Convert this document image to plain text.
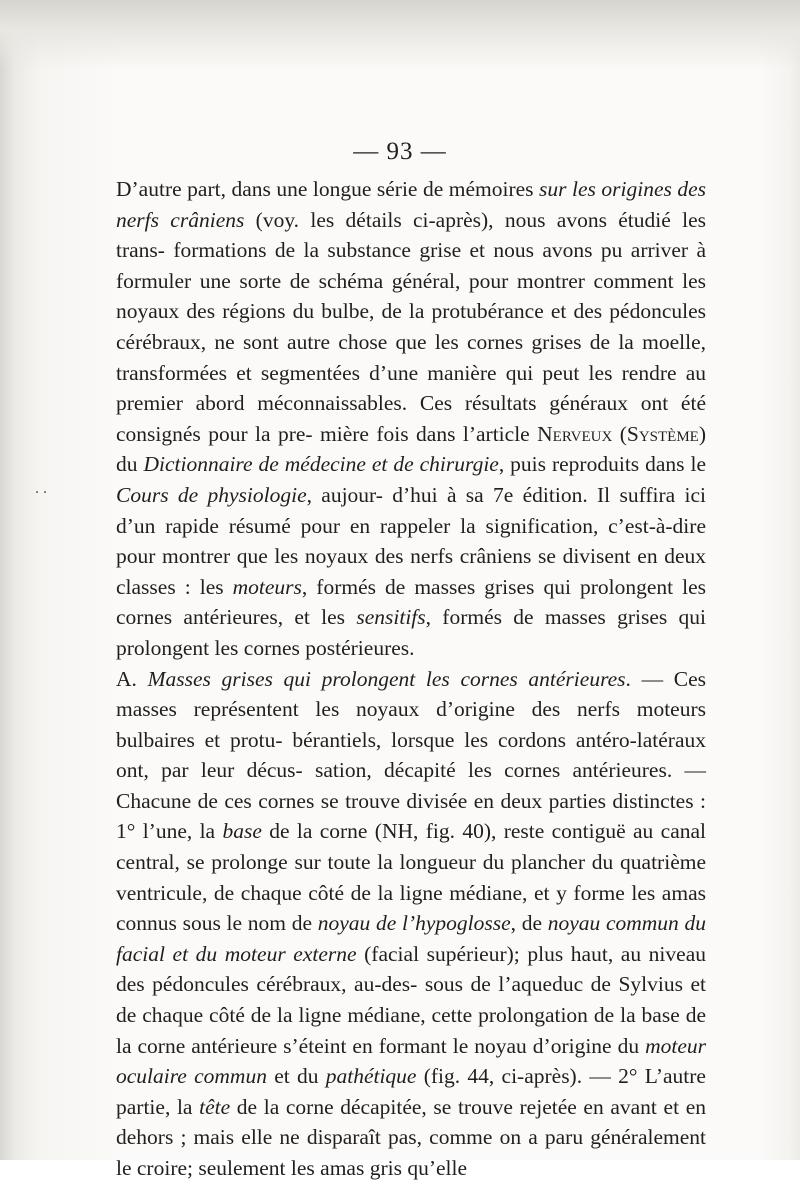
— 93 —
. .

D’autre part, dans une longue série de mémoires sur les origines des nerfs crâniens (voy. les détails ci-après), nous avons étudié les trans- formations de la substance grise et nous avons pu arriver à formuler une sorte de schéma général, pour montrer comment les noyaux des régions du bulbe, de la protubérance et des pédoncules cérébraux, ne sont autre chose que les cornes grises de la moelle, transformées et segmentées d’une manière qui peut les rendre au premier abord méconnaissables. Ces résultats généraux ont été consignés pour la pre- mière fois dans l’article Nerveux (Système) du Dictionnaire de médecine et de chirurgie, puis reproduits dans le Cours de physiologie, aujour- d’hui à sa 7e édition. Il suffira ici d’un rapide résumé pour en rappeler la signification, c’est-à-dire pour montrer que les noyaux des nerfs crâniens se divisent en deux classes : les moteurs, formés de masses grises qui prolongent les cornes antérieures, et les sensitifs, formés de masses grises qui prolongent les cornes postérieures.

A. Masses grises qui prolongent les cornes antérieures. — Ces masses représentent les noyaux d’origine des nerfs moteurs bulbaires et protu- bérantiels, lorsque les cordons antéro-latéraux ont, par leur décus- sation, décapité les cornes antérieures. — Chacune de ces cornes se trouve divisée en deux parties distinctes : 1° l’une, la base de la corne (NH, fig. 40), reste contiguë au canal central, se prolonge sur toute la longueur du plancher du quatrième ventricule, de chaque côté de la ligne médiane, et y forme les amas connus sous le nom de noyau de l’hypoglosse, de noyau commun du facial et du moteur externe (facial supérieur); plus haut, au niveau des pédoncules cérébraux, au-des- sous de l’aqueduc de Sylvius et de chaque côté de la ligne médiane, cette prolongation de la base de la corne antérieure s’éteint en formant le noyau d’origine du moteur oculaire commun et du pathétique (fig. 44, ci-après). — 2° L’autre partie, la tête de la corne décapitée, se trouve rejetée en avant et en dehors ; mais elle ne disparaît pas, comme on a paru généralement le croire; seulement les amas gris qu’elle
